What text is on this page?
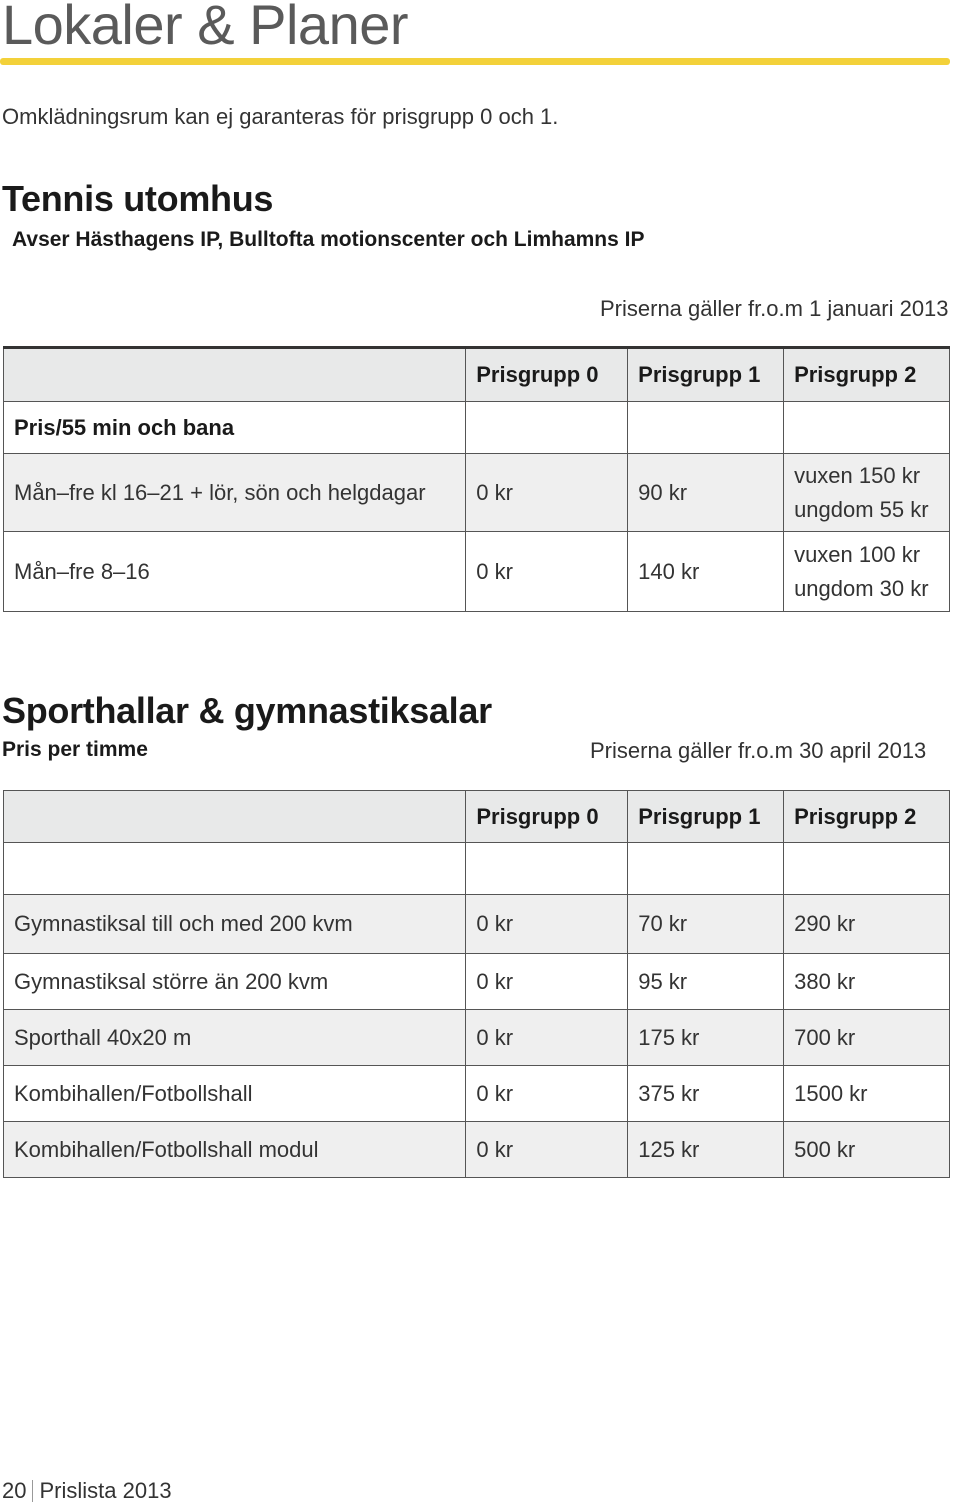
Lokaler & Planer
Omklädningsrum kan ej garanteras för prisgrupp 0 och 1.
Tennis utomhus
Avser Hästhagens IP, Bulltofta motionscenter och Limhamns IP
Priserna gäller fr.o.m 1 januari 2013
	Prisgrupp 0	Prisgrupp 1	Prisgrupp 2
Pris/55 min och bana			
Mån–fre kl 16–21 + lör, sön och helgdagar	0 kr	90 kr	vuxen 150 kr
ungdom 55 kr

Mån–fre 8–16	0 kr	140 kr	vuxen 100 kr
ungdom 30 kr
Sporthallar & gymnastiksalar
Pris per timme	Priserna gäller fr.o.m 30 april 2013
	Prisgrupp 0	Prisgrupp 1	Prisgrupp 2

Gymnastiksal till och med 200 kvm	0 kr	70 kr	290 kr
Gymnastiksal större än 200 kvm	0 kr	95 kr	380 kr
Sporthall 40x20 m	0 kr	175 kr	700 kr
Kombihallen/Fotbollshall	0 kr	375 kr	1500 kr
Kombihallen/Fotbollshall modul	0 kr	125 kr	500 kr
20 Prislista 2013
